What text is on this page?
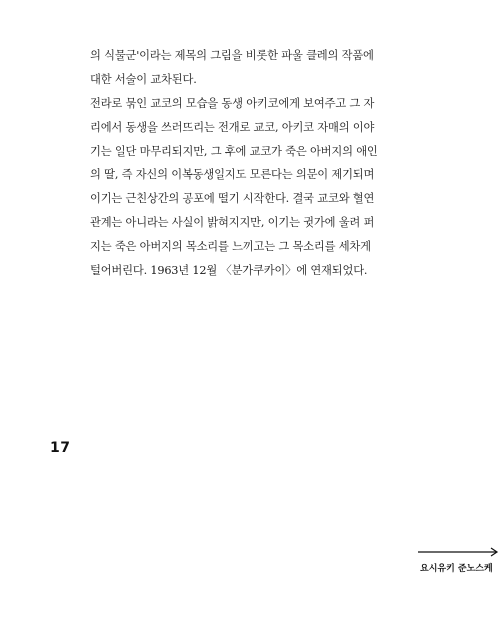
의 식물군'이라는 제목의 그림을 비롯한 파울 클레의 작품에
대한 서술이 교차된다.
전라로 묶인 교코의 모습을 동생 아키코에게 보여주고 그 자
리에서 동생을 쓰러뜨리는 전개로 교코, 아키코 자매의 이야
기는 일단 마무리되지만, 그 후에 교코가 죽은 아버지의 애인
의 딸, 즉 자신의 이복동생일지도 모른다는 의문이 제기되며
이기는 근친상간의 공포에 떨기 시작한다. 결국 교코와 혈연
관계는 아니라는 사실이 밝혀지지만, 이기는 귓가에 울려 퍼
지는 죽은 아버지의 목소리를 느끼고는 그 목소리를 세차게
털어버린다. 1963년 12월 〈분가쿠카이〉에 연재되었다.
17
요시유키 준노스케
